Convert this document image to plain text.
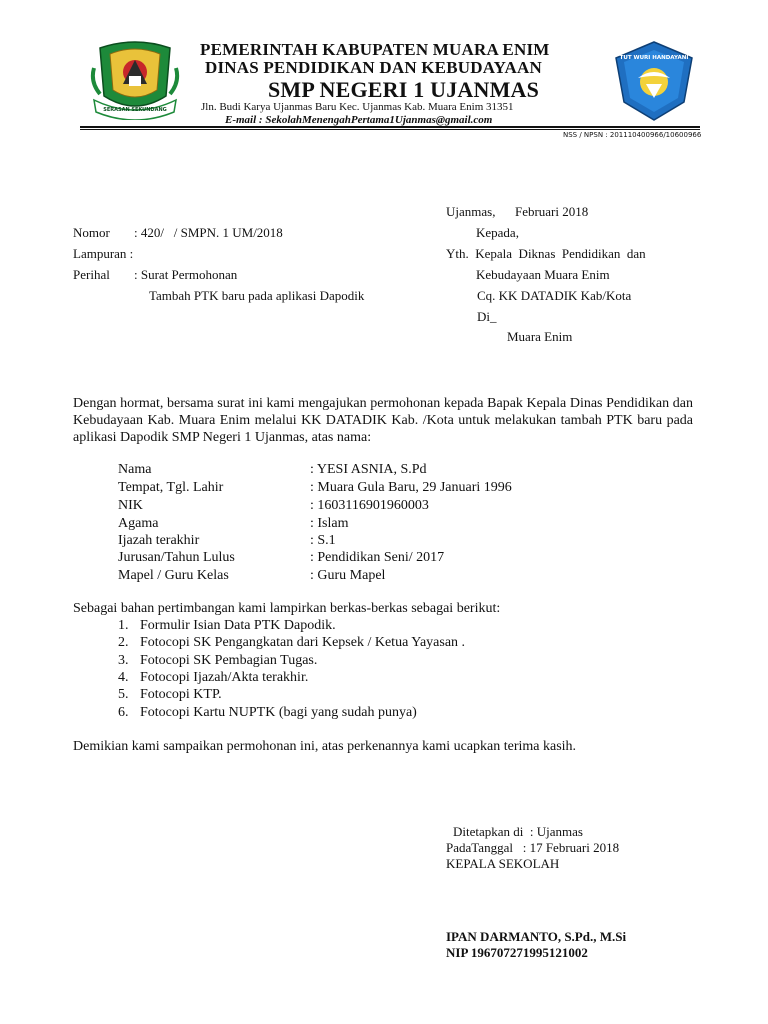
SERASAN SEKUNDANG
PEMERINTAH KABUPATEN MUARA ENIM
DINAS PENDIDIKAN DAN KEBUDAYAAN
SMP NEGERI 1 UJANMAS
Jln. Budi Karya Ujanmas Baru Kec. Ujanmas Kab. Muara Enim 31351
E-mail : SekolahMenengahPertama1Ujanmas@gmail.com
TUT WURI HANDAYANI
NSS / NPSN : 201110400966/10600966
Ujanmas,      Februari 2018
Nomor : 420/   / SMPN. 1 UM/2018	Kepada,
Lampuran :	Yth.  Kepala  Diknas  Pendidikan  dan
Perihal : Surat Permohonan	Kebudayaan Muara Enim
Tambah PTK baru pada aplikasi Dapodik	Cq. KK DATADIK Kab/Kota
Di_
Muara Enim
Dengan hormat, bersama surat ini kami mengajukan permohonan kepada Bapak Kepala Dinas Pendidikan dan Kebudayaan Kab. Muara Enim melalui KK DATADIK Kab. /Kota untuk melakukan tambah PTK baru pada aplikasi Dapodik SMP Negeri 1 Ujanmas, atas nama:
Nama	: YESI ASNIA, S.Pd
Tempat, Tgl. Lahir	: Muara Gula Baru, 29 Januari 1996
NIK	: 1603116901960003
Agama	: Islam
Ijazah terakhir	: S.1
Jurusan/Tahun Lulus	: Pendidikan Seni/ 2017
Mapel / Guru Kelas	: Guru Mapel
Sebagai bahan pertimbangan kami lampirkan berkas-berkas sebagai berikut:
1. Formulir Isian Data PTK Dapodik.
2. Fotocopi SK Pengangkatan dari Kepsek / Ketua Yayasan .
3. Fotocopi SK Pembagian Tugas.
4. Fotocopi Ijazah/Akta terakhir.
5. Fotocopi KTP.
6. Fotocopi Kartu NUPTK (bagi yang sudah punya)
Demikian kami sampaikan permohonan ini, atas perkenannya kami ucapkan terima kasih.
Ditetapkan di  : Ujanmas
PadaTanggal   : 17 Februari 2018
KEPALA SEKOLAH
IPAN DARMANTO, S.Pd., M.Si
NIP 196707271995121002
